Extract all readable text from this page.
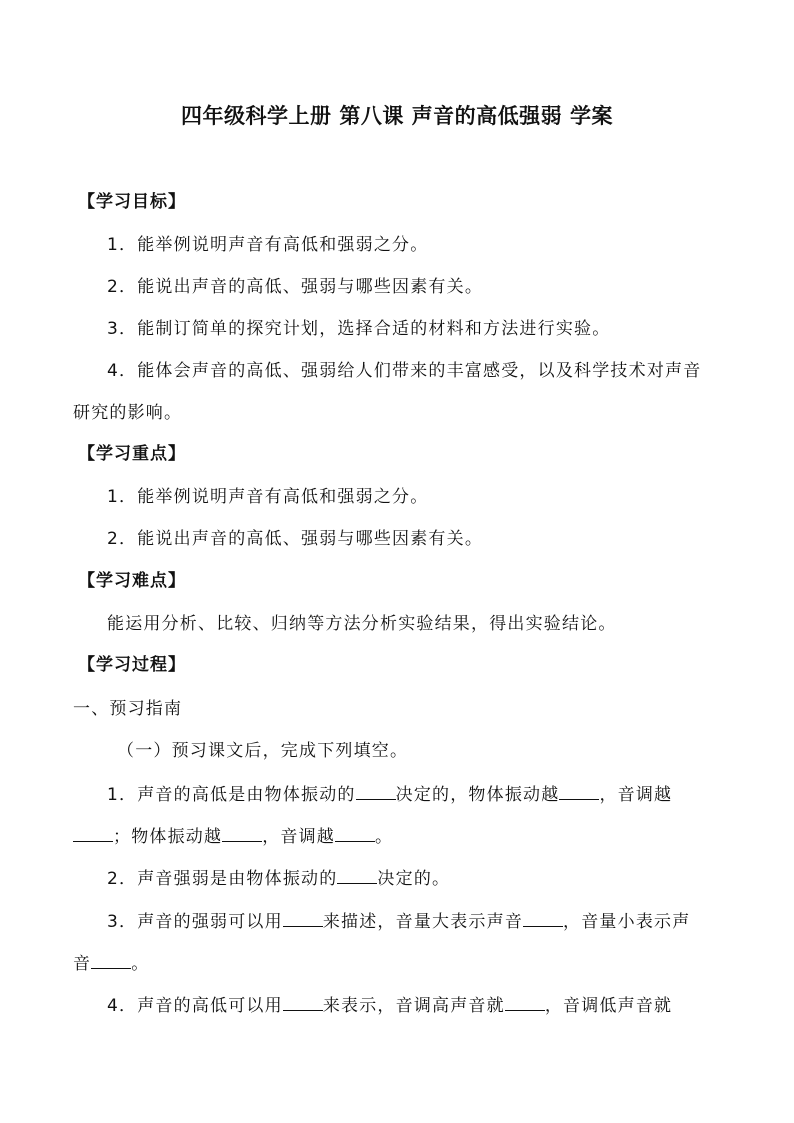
四年级科学上册 第八课 声音的高低强弱 学案
【学习目标】
1．能举例说明声音有高低和强弱之分。
2．能说出声音的高低、强弱与哪些因素有关。
3．能制订简单的探究计划，选择合适的材料和方法进行实验。
4．能体会声音的高低、强弱给人们带来的丰富感受，以及科学技术对声音
研究的影响。
【学习重点】
1．能举例说明声音有高低和强弱之分。
2．能说出声音的高低、强弱与哪些因素有关。
【学习难点】
能运用分析、比较、归纳等方法分析实验结果，得出实验结论。
【学习过程】
一、预习指南
（一）预习课文后，完成下列填空。
1．声音的高低是由物体振动的 决定的，物体振动越 ，音调越
；物体振动越 ，音调越 。
2．声音强弱是由物体振动的 决定的。
3．声音的强弱可以用 来描述，音量大表示声音 ，音量小表示声
音 。
4．声音的高低可以用 来表示，音调高声音就 ，音调低声音就
